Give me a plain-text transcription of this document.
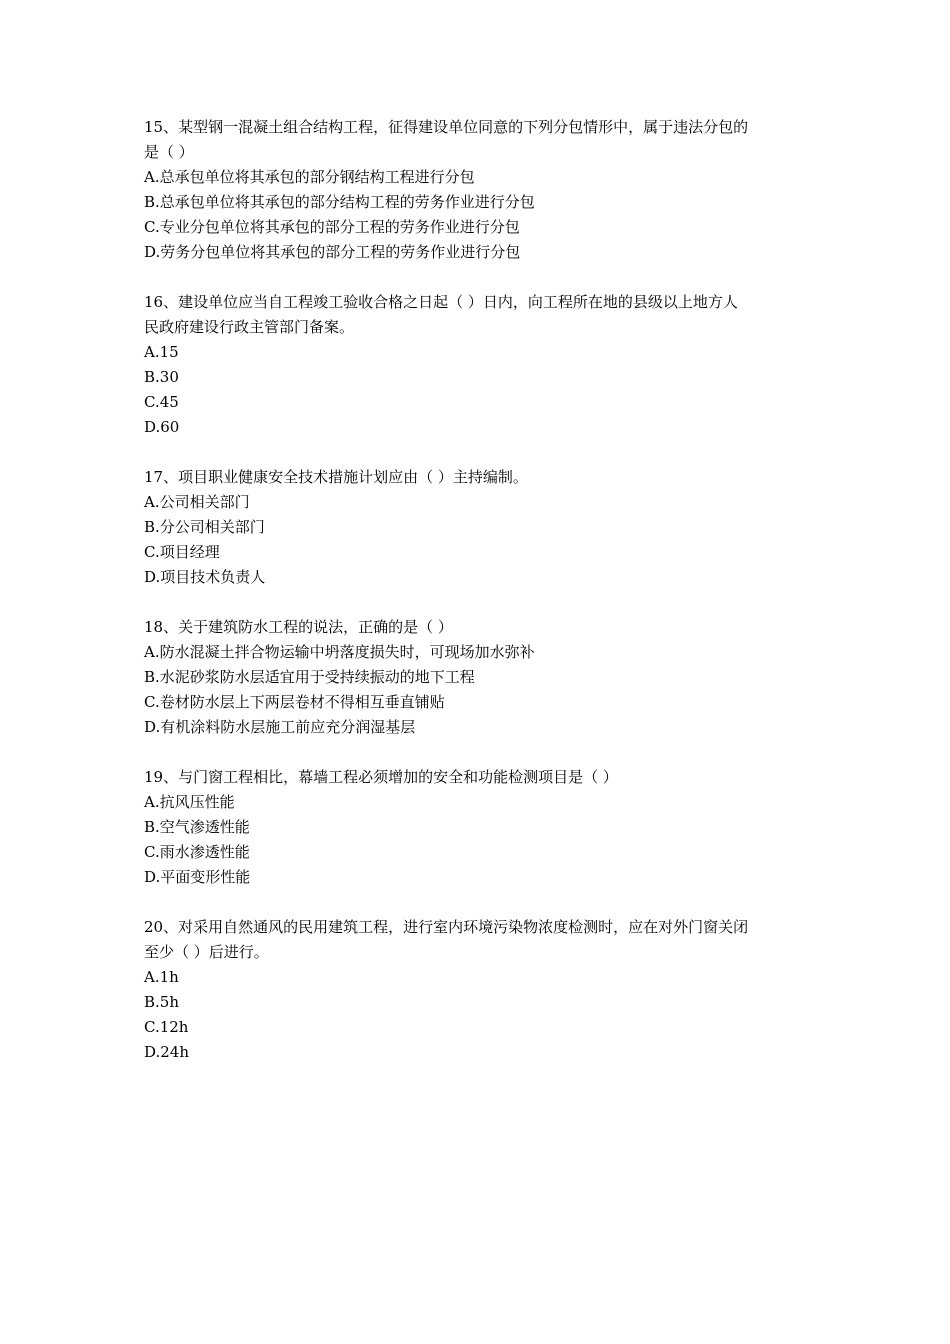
15、某型钢一混凝土组合结构工程，征得建设单位同意的下列分包情形中，属于违法分包的
是（ ）
A.总承包单位将其承包的部分钢结构工程进行分包
B.总承包单位将其承包的部分结构工程的劳务作业进行分包
C.专业分包单位将其承包的部分工程的劳务作业进行分包
D.劳务分包单位将其承包的部分工程的劳务作业进行分包
16、建设单位应当自工程竣工验收合格之日起（ ）日内，向工程所在地的县级以上地方人
民政府建设行政主管部门备案。
A.15
B.30
C.45
D.60
17、项目职业健康安全技术措施计划应由（ ）主持编制。
A.公司相关部门
B.分公司相关部门
C.项目经理
D.项目技术负责人
18、关于建筑防水工程的说法，正确的是（ ）
A.防水混凝土拌合物运输中坍落度损失时，可现场加水弥补
B.水泥砂浆防水层适宜用于受持续振动的地下工程
C.卷材防水层上下两层卷材不得相互垂直铺贴
D.有机涂料防水层施工前应充分润湿基层
19、与门窗工程相比，幕墙工程必须增加的安全和功能检测项目是（ ）
A.抗风压性能
B.空气渗透性能
C.雨水渗透性能
D.平面变形性能
20、对采用自然通风的民用建筑工程，进行室内环境污染物浓度检测时，应在对外门窗关闭
至少（ ）后进行。
A.1h
B.5h
C.12h
D.24h
